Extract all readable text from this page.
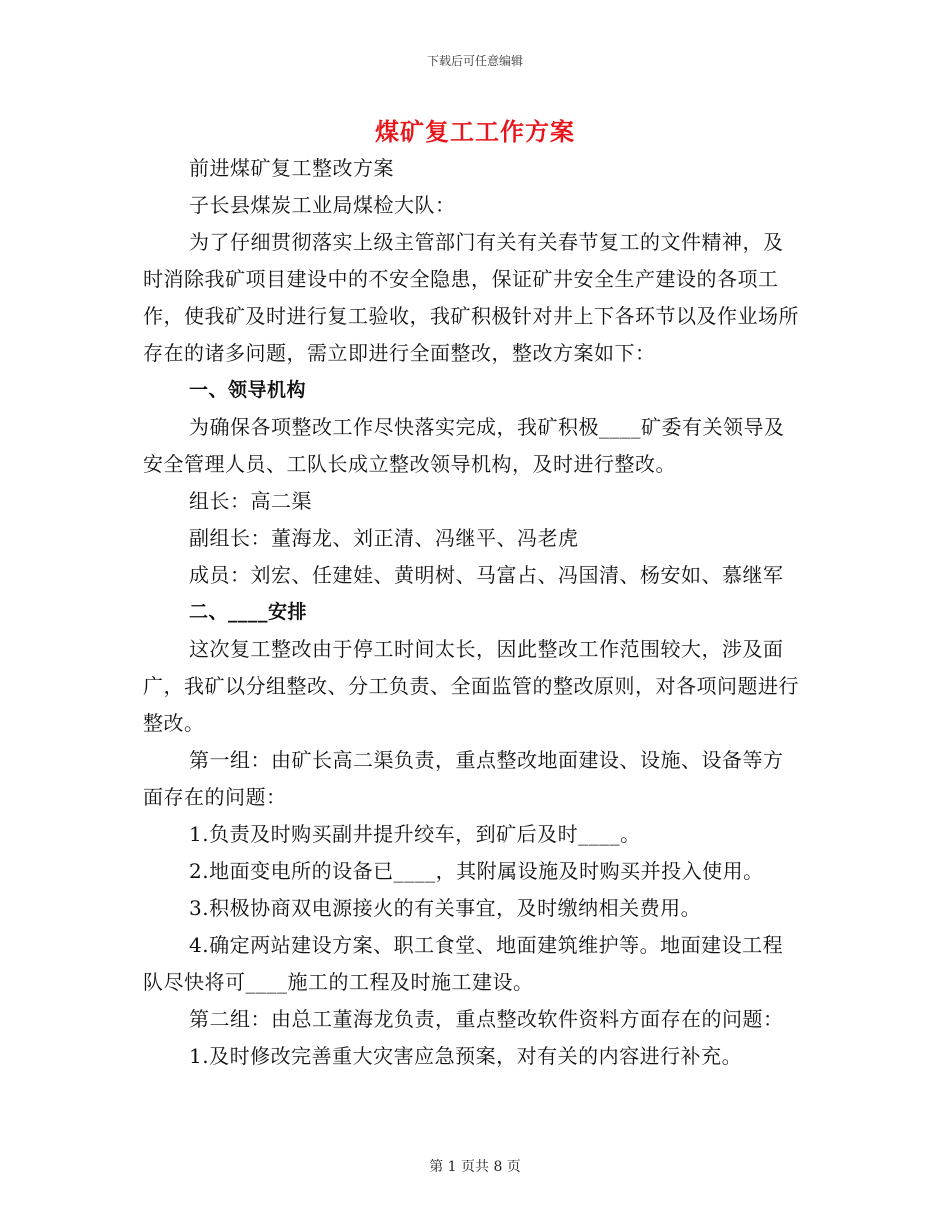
下载后可任意编辑
煤矿复工工作方案

前进煤矿复工整改方案

子长县煤炭工业局煤检大队：

为了仔细贯彻落实上级主管部门有关有关春节复工的文件精神，及时消除我矿项目建设中的不安全隐患，保证矿井安全生产建设的各项工作，使我矿及时进行复工验收，我矿积极针对井上下各环节以及作业场所存在的诸多问题，需立即进行全面整改，整改方案如下：

一、领导机构

为确保各项整改工作尽快落实完成，我矿积极____矿委有关领导及安全管理人员、工队长成立整改领导机构，及时进行整改。

组长：高二渠

副组长：董海龙、刘正清、冯继平、冯老虎

成员：刘宏、任建娃、黄明树、马富占、冯国清、杨安如、慕继军

二、____安排

这次复工整改由于停工时间太长，因此整改工作范围较大，涉及面广，我矿以分组整改、分工负责、全面监管的整改原则，对各项问题进行整改。

第一组：由矿长高二渠负责，重点整改地面建设、设施、设备等方面存在的问题：

1.负责及时购买副井提升绞车，到矿后及时____。

2.地面变电所的设备已____，其附属设施及时购买并投入使用。

3.积极协商双电源接火的有关事宜，及时缴纳相关费用。

4.确定两站建设方案、职工食堂、地面建筑维护等。地面建设工程队尽快将可____施工的工程及时施工建设。

第二组：由总工董海龙负责，重点整改软件资料方面存在的问题：

1.及时修改完善重大灾害应急预案，对有关的内容进行补充。

第 1 页共 8 页
